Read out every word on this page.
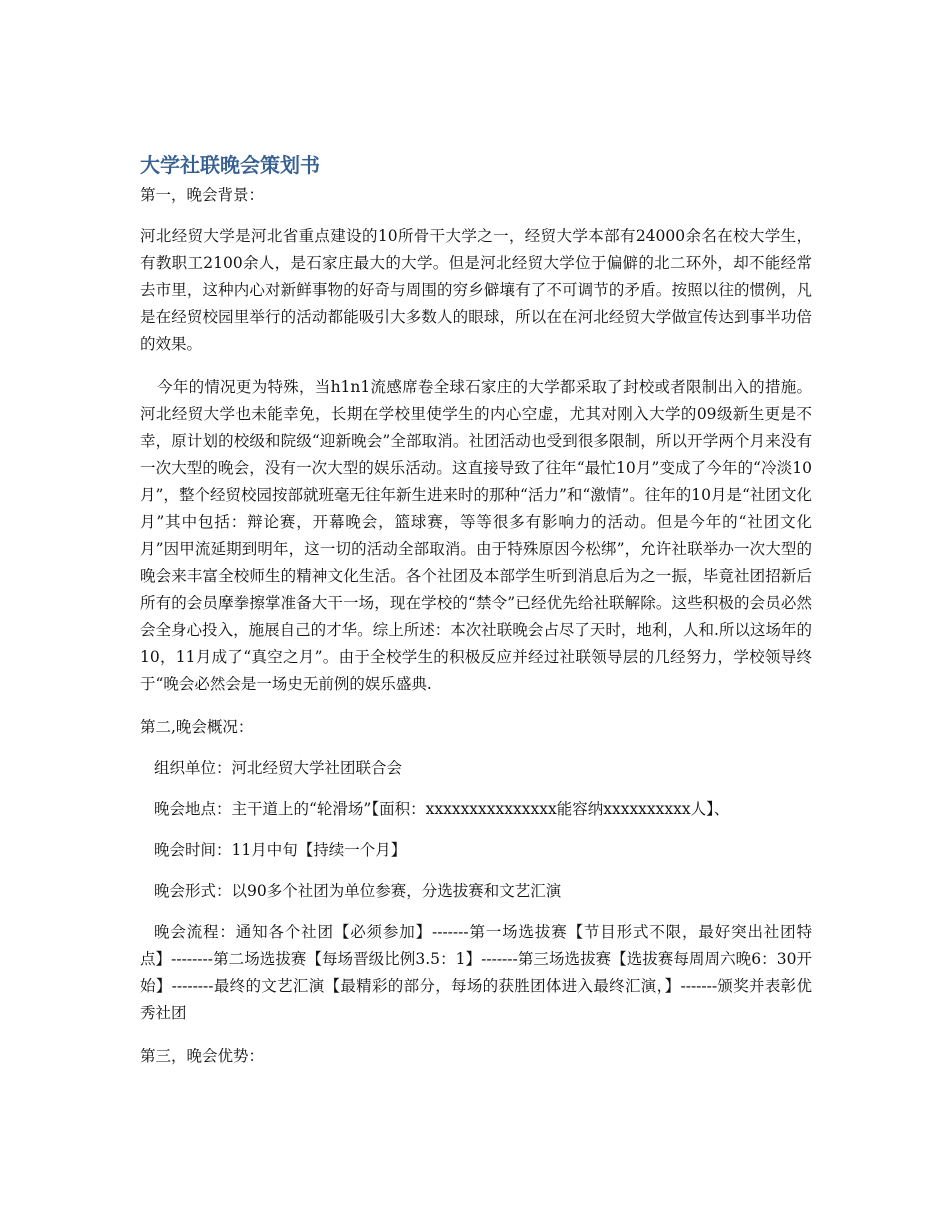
大学社联晚会策划书

第一，晚会背景：

河北经贸大学是河北省重点建设的10所骨干大学之一，经贸大学本部有24000余名在校大学生，有教职工2100余人，是石家庄最大的大学。但是河北经贸大学位于偏僻的北二环外，却不能经常去市里，这种内心对新鲜事物的好奇与周围的穷乡僻壤有了不可调节的矛盾。按照以往的惯例，凡是在经贸校园里举行的活动都能吸引大多数人的眼球，所以在在河北经贸大学做宣传达到事半功倍的效果。

今年的情况更为特殊，当h1n1流感席卷全球石家庄的大学都采取了封校或者限制出入的措施。河北经贸大学也未能幸免，长期在学校里使学生的内心空虚，尤其对刚入大学的09级新生更是不幸，原计划的校级和院级“迎新晚会”全部取消。社团活动也受到很多限制，所以开学两个月来没有一次大型的晚会，没有一次大型的娱乐活动。这直接导致了往年“最忙10月”变成了今年的“冷淡10月”，整个经贸校园按部就班毫无往年新生进来时的那种“活力”和“激情”。往年的10月是“社团文化月”其中包括：辩论赛，开幕晚会，篮球赛，等等很多有影响力的活动。但是今年的“社团文化月”因甲流延期到明年，这一切的活动全部取消。由于特殊原因今松绑”，允许社联举办一次大型的晚会来丰富全校师生的精神文化生活。各个社团及本部学生听到消息后为之一振，毕竟社团招新后所有的会员摩拳擦掌准备大干一场，现在学校的“禁令”已经优先给社联解除。这些积极的会员必然会全身心投入，施展自己的才华。综上所述：本次社联晚会占尽了天时，地利，人和.所以这场年的10，11月成了“真空之月”。由于全校学生的积极反应并经过社联领导层的几经努力，学校领导终于“晚会必然会是一场史无前例的娱乐盛典.

第二,晚会概况：

组织单位：河北经贸大学社团联合会

晚会地点：主干道上的“轮滑场”【面积：xxxxxxxxxxxxxxx能容纳xxxxxxxxxx人】、

晚会时间：11月中旬【持续一个月】

晚会形式：以90多个社团为单位参赛，分选拔赛和文艺汇演

晚会流程：通知各个社团【必须参加】-------第一场选拔赛【节目形式不限，最好突出社团特点】--------第二场选拔赛【每场晋级比例3.5：1】-------第三场选拔赛【选拔赛每周周六晚6：30开始】--------最终的文艺汇演【最精彩的部分，每场的获胜团体进入最终汇演，】-------颁奖并表彰优秀社团

第三，晚会优势：
